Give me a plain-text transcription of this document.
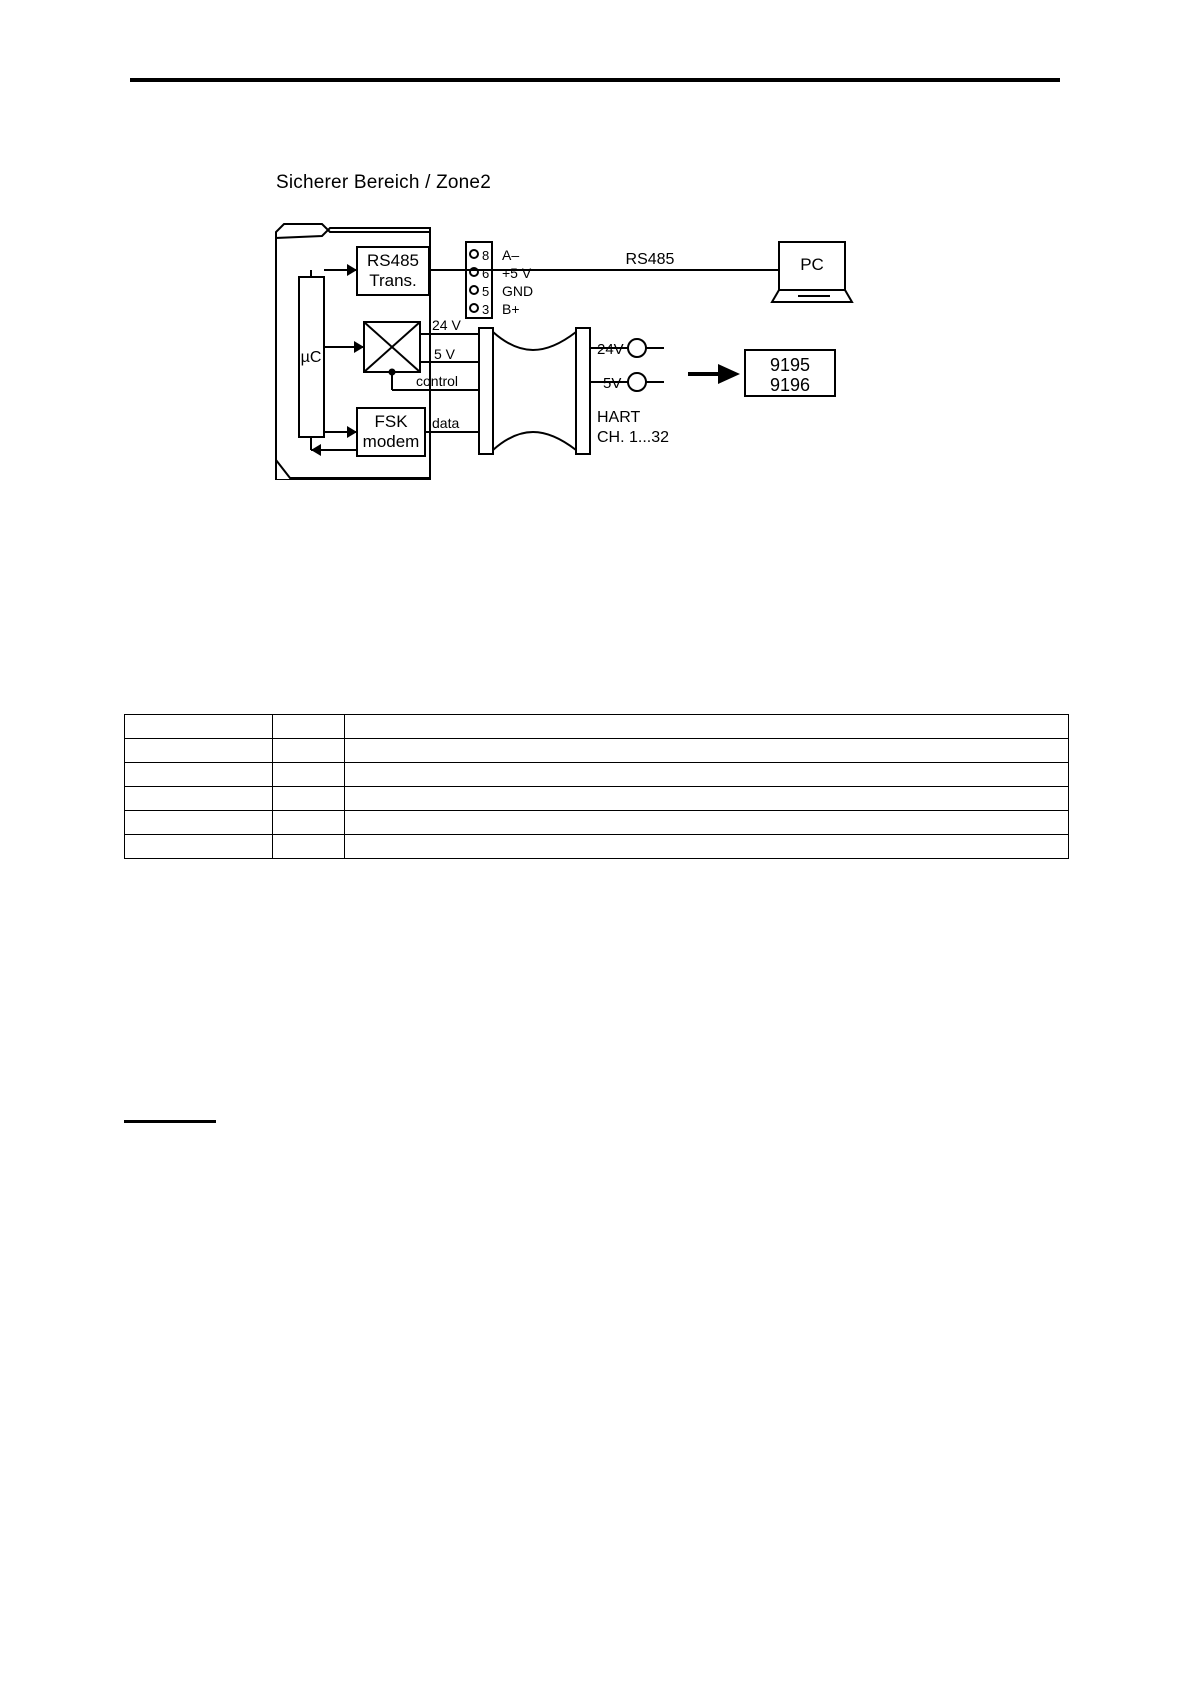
Sicherer Bereich / Zone2
RS485
Trans.
µC
FSK
modem
PC
9195
9196
8
6
5
3
A–
+5 V
GND
B+
RS485
24 V
5 V
control
data
24V
5V
HART
CH. 1...32
